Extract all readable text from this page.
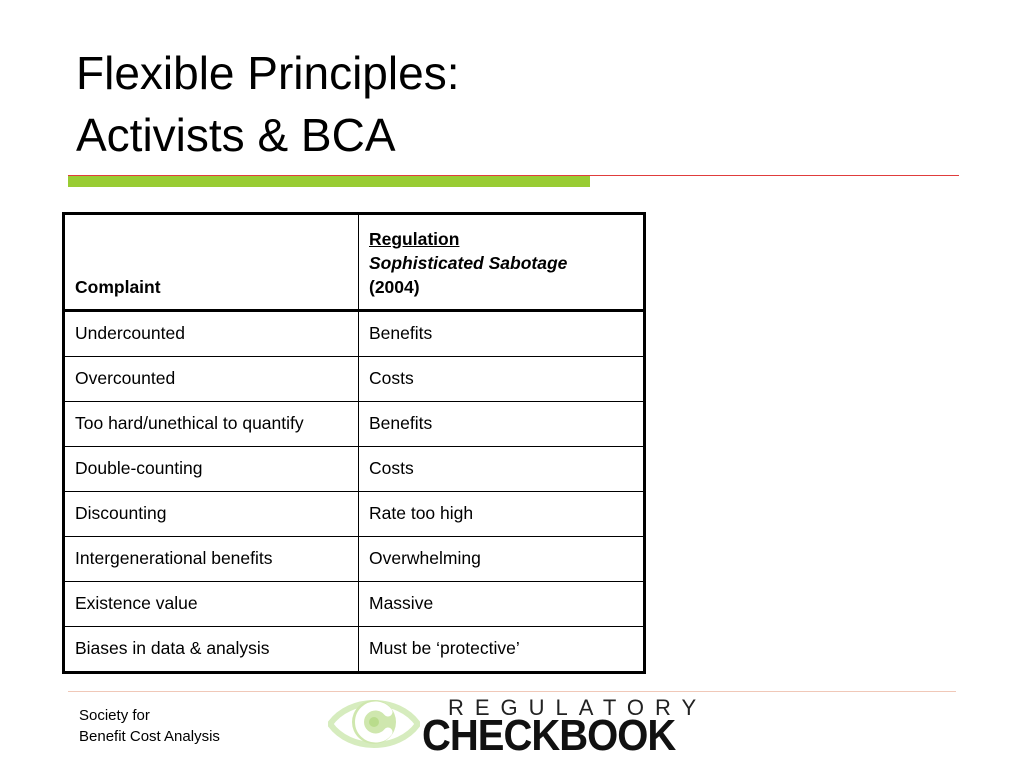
Flexible Principles:
Activists & BCA
Complaint	Regulation
Sophisticated Sabotage
(2004)

Undercounted	Benefits
Overcounted	Costs
Too hard/unethical to quantify	Benefits
Double-counting	Costs
Discounting	Rate too high
Intergenerational benefits	Overwhelming
Existence value	Massive
Biases in data & analysis	Must be ‘protective’
Society for
Benefit Cost Analysis
REGULATORY
CHECKBOOK
